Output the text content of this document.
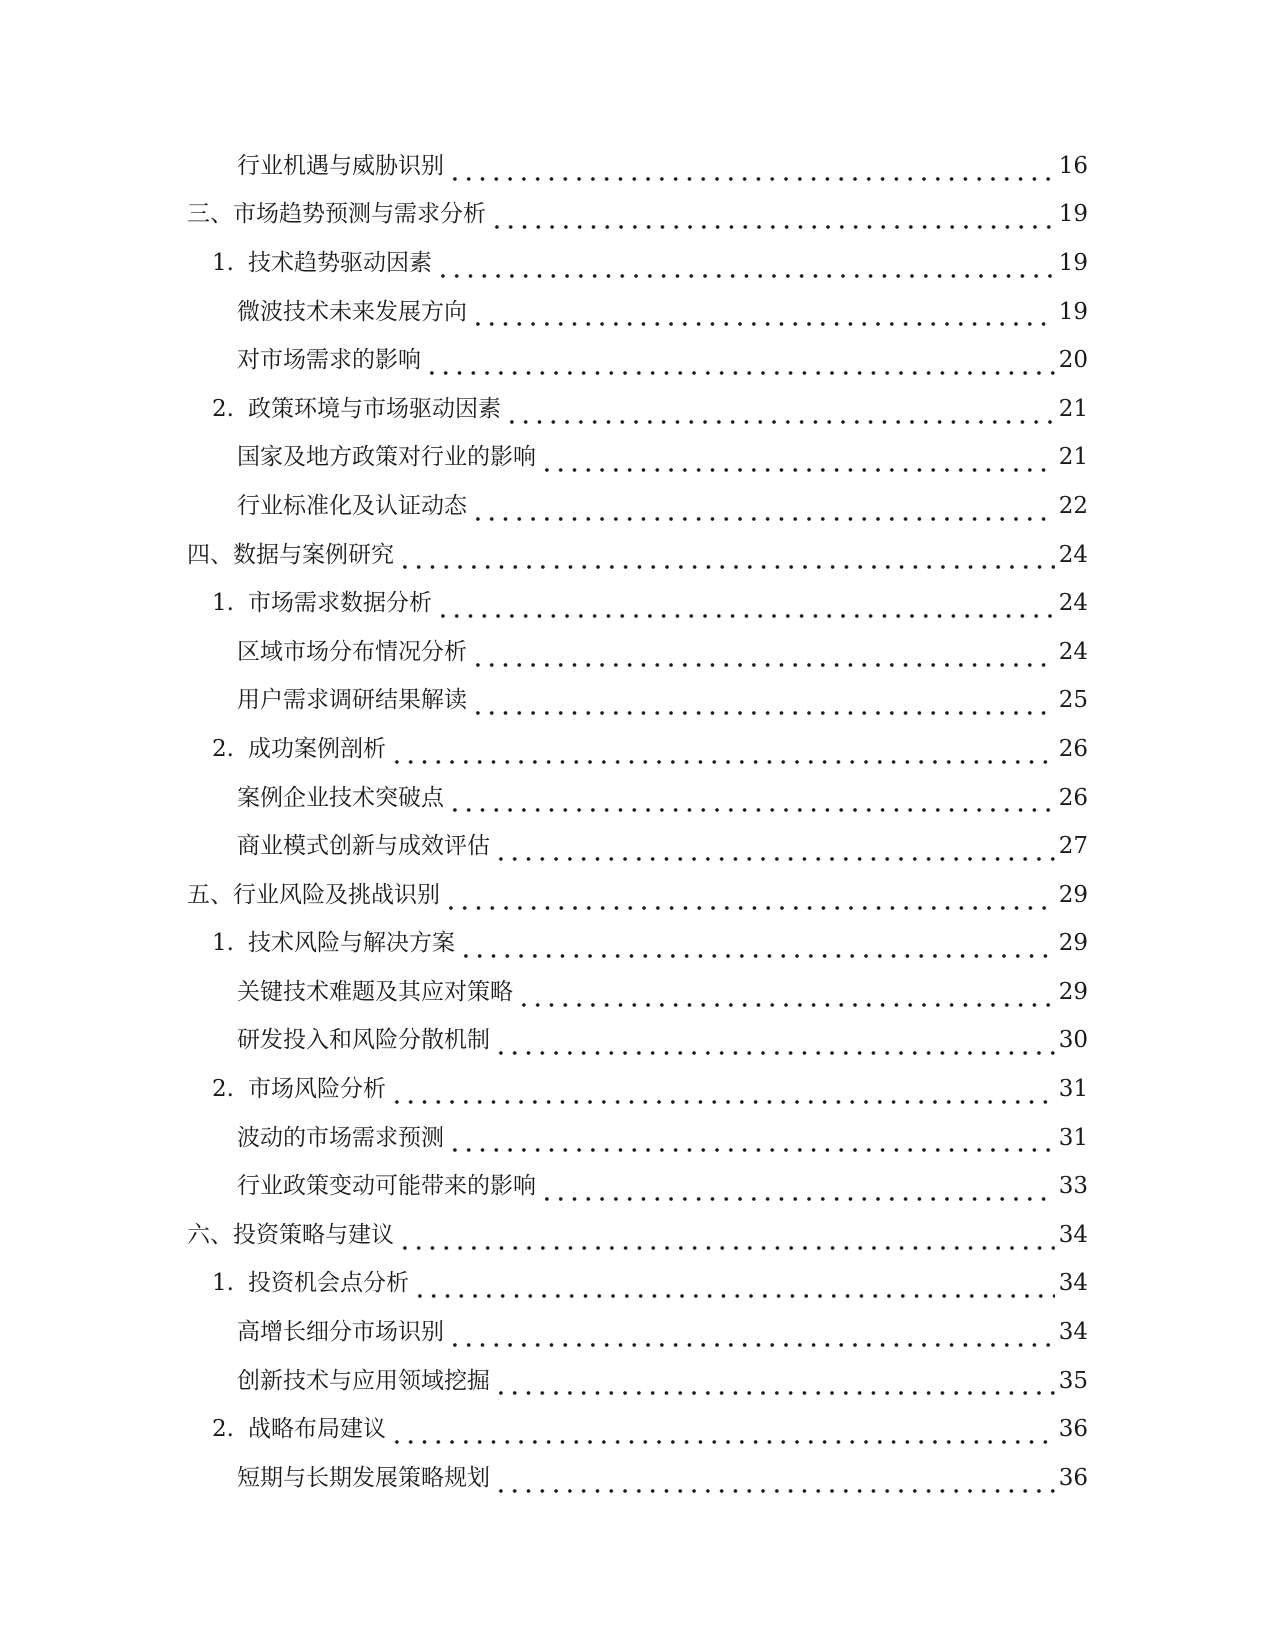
行业机遇与威胁识别	16
三、市场趋势预测与需求分析	19
1. 技术趋势驱动因素	19
微波技术未来发展方向	19
对市场需求的影响	20
2. 政策环境与市场驱动因素	21
国家及地方政策对行业的影响	21
行业标准化及认证动态	22
四、数据与案例研究	24
1. 市场需求数据分析	24
区域市场分布情况分析	24
用户需求调研结果解读	25
2. 成功案例剖析	26
案例企业技术突破点	26
商业模式创新与成效评估	27
五、行业风险及挑战识别	29
1. 技术风险与解决方案	29
关键技术难题及其应对策略	29
研发投入和风险分散机制	30
2. 市场风险分析	31
波动的市场需求预测	31
行业政策变动可能带来的影响	33
六、投资策略与建议	34
1. 投资机会点分析	34
高增长细分市场识别	34
创新技术与应用领域挖掘	35
2. 战略布局建议	36
短期与长期发展策略规划	36
